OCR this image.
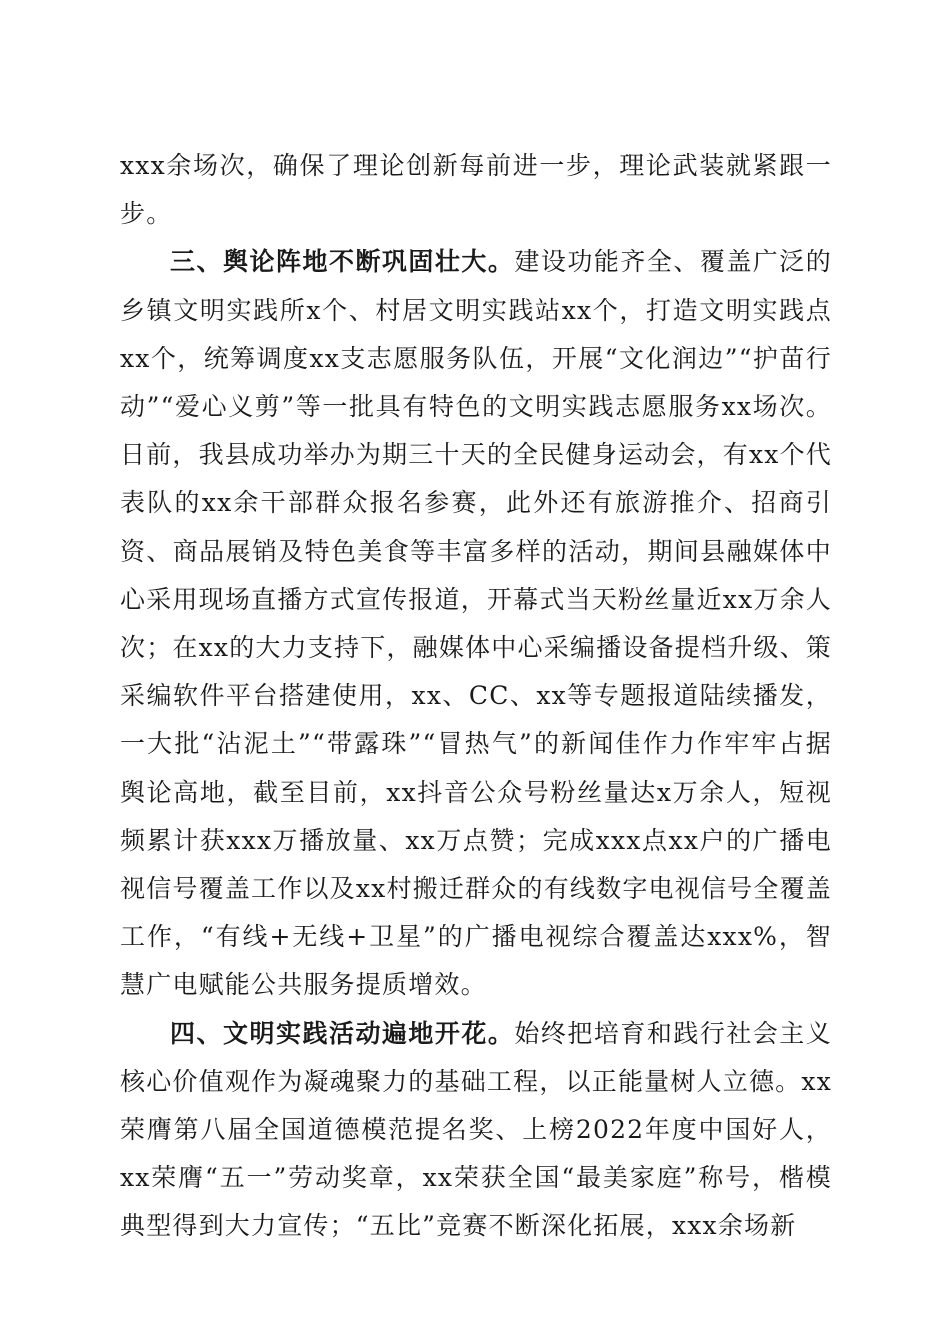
xxx余场次，确保了理论创新每前进一步，理论武装就紧跟一步。

三、舆论阵地不断巩固壮大。建设功能齐全、覆盖广泛的乡镇文明实践所x个、村居文明实践站xx个，打造文明实践点xx个，统筹调度xx支志愿服务队伍，开展“文化润边”“护苗行动”“爱心义剪”等一批具有特色的文明实践志愿服务xx场次。日前，我县成功举办为期三十天的全民健身运动会，有xx个代表队的xx余干部群众报名参赛，此外还有旅游推介、招商引资、商品展销及特色美食等丰富多样的活动，期间县融媒体中心采用现场直播方式宣传报道，开幕式当天粉丝量近xx万余人次；在xx的大力支持下，融媒体中心采编播设备提档升级、策采编软件平台搭建使用，xx、CC、xx等专题报道陆续播发，一大批“沾泥土”“带露珠”“冒热气”的新闻佳作力作牢牢占据舆论高地，截至目前，xx抖音公众号粉丝量达x万余人，短视频累计获xxx万播放量、xx万点赞；完成xxx点xx户的广播电视信号覆盖工作以及xx村搬迁群众的有线数字电视信号全覆盖工作，“有线+无线+卫星”的广播电视综合覆盖达xxx%，智慧广电赋能公共服务提质增效。

四、文明实践活动遍地开花。始终把培育和践行社会主义核心价值观作为凝魂聚力的基础工程，以正能量树人立德。xx荣膺第八届全国道德模范提名奖、上榜2022年度中国好人，xx荣膺“五一”劳动奖章，xx荣获全国“最美家庭”称号，楷模典型得到大力宣传；“五比”竞赛不断深化拓展，xxx余场新
